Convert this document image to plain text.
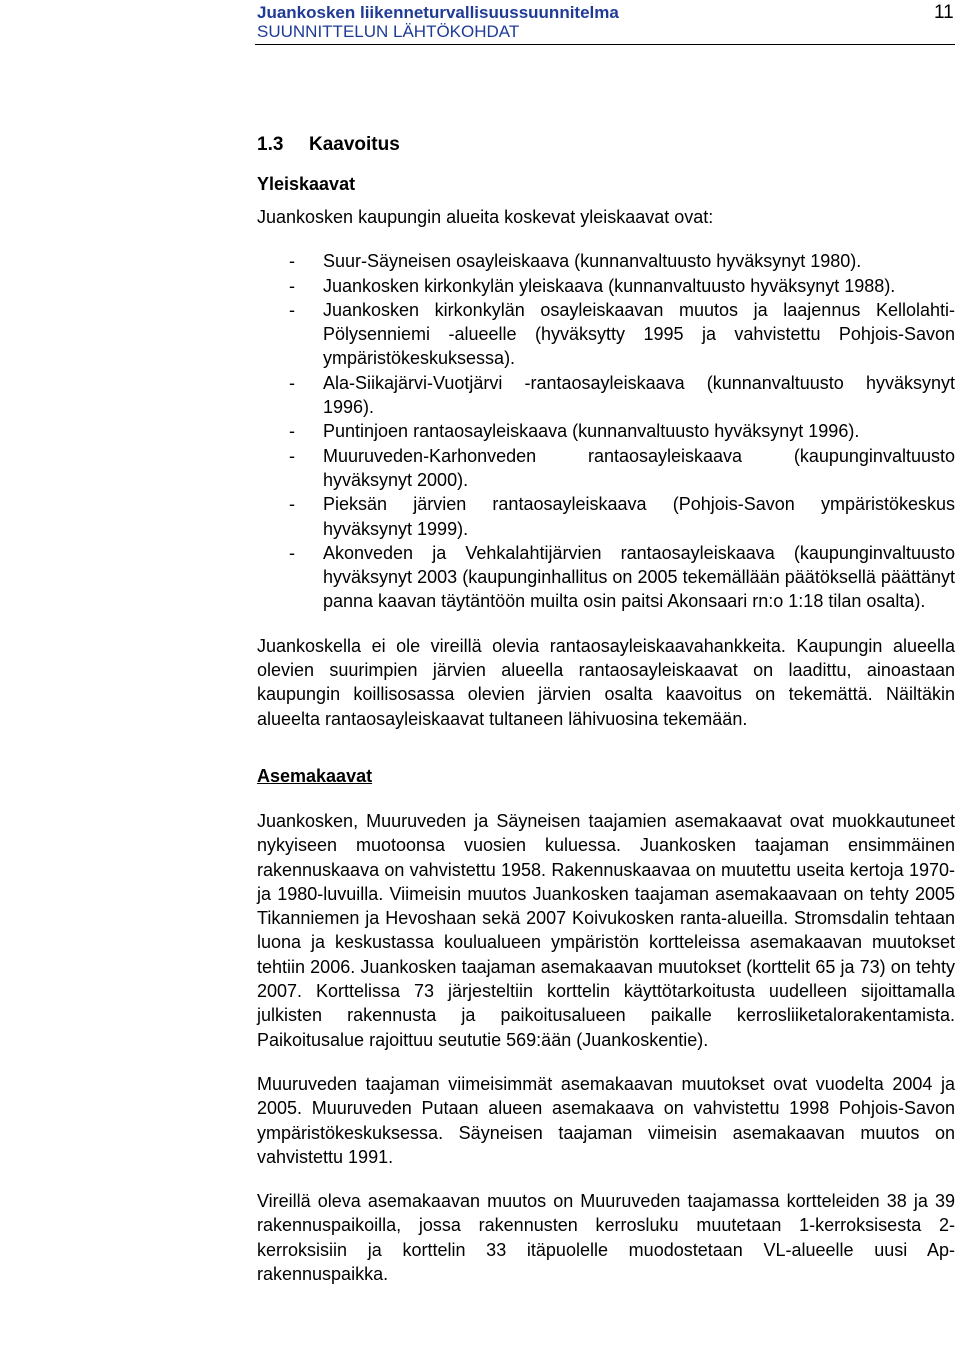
Juankosken liikenneturvallisuussuunnitelma
SUUNNITTELUN LÄHTÖKOHDAT
11
1.3 Kaavoitus
Yleiskaavat

Juankosken kaupungin alueita koskevat yleiskaavat ovat:

- Suur-Säyneisen osayleiskaava (kunnanvaltuusto hyväksynyt 1980).
- Juankosken kirkonkylän yleiskaava (kunnanvaltuusto hyväksynyt 1988).
- Juankosken kirkonkylän osayleiskaavan muutos ja laajennus Kellolahti-Pölysenniemi -alueelle (hyväksytty 1995 ja vahvistettu Pohjois-Savon ympäristökeskuksessa).
- Ala-Siikajärvi-Vuotjärvi -rantaosayleiskaava (kunnanvaltuusto hyväksynyt 1996).
- Puntinjoen rantaosayleiskaava (kunnanvaltuusto hyväksynyt 1996).
- Muuruveden-Karhonveden rantaosayleiskaava (kaupunginvaltuusto hyväksynyt 2000).
- Pieksän järvien rantaosayleiskaava (Pohjois-Savon ympäristökeskus hyväksynyt 1999).
- Akonveden ja Vehkalahtijärvien rantaosayleiskaava (kaupunginvaltuusto hyväksynyt 2003 (kaupunginhallitus on 2005 tekemällään päätöksellä päättänyt panna kaavan täytäntöön muilta osin paitsi Akonsaari rn:o 1:18 tilan osalta).

Juankoskella ei ole vireillä olevia rantaosayleiskaavahankkeita. Kaupungin alueella olevien suurimpien järvien alueella rantaosayleiskaavat on laadittu, ainoastaan kaupungin koillisosassa olevien järvien osalta kaavoitus on tekemättä. Näiltäkin alueelta rantaosayleiskaavat tultaneen lähivuosina tekemään.

Asemakaavat

Juankosken, Muuruveden ja Säyneisen taajamien asemakaavat ovat muokkautuneet nykyiseen muotoonsa vuosien kuluessa. Juankosken taajaman ensimmäinen rakennuskaava on vahvistettu 1958. Rakennuskaavaa on muutettu useita kertoja 1970- ja 1980-luvuilla. Viimeisin muutos Juankosken taajaman asemakaavaan on tehty 2005 Tikanniemen ja Hevoshaan sekä 2007 Koivukosken ranta-alueilla. Stromsdalin tehtaan luona ja keskustassa koulualueen ympäristön kortteleissa asemakaavan muutokset tehtiin 2006. Juankosken taajaman asemakaavan muutokset (korttelit 65 ja 73) on tehty 2007. Korttelissa 73 järjesteltiin korttelin käyttötarkoitusta uudelleen sijoittamalla julkisten rakennusta ja paikoitusalueen paikalle kerrosliiketalorakentamista. Paikoitusalue rajoittuu seututie 569:ään (Juankoskentie).

Muuruveden taajaman viimeisimmät asemakaavan muutokset ovat vuodelta 2004 ja 2005. Muuruveden Putaan alueen asemakaava on vahvistettu 1998 Pohjois-Savon ympäristökeskuksessa. Säyneisen taajaman viimeisin asemakaavan muutos on vahvistettu 1991.

Vireillä oleva asemakaavan muutos on Muuruveden taajamassa kortteleiden 38 ja 39 rakennuspaikoilla, jossa rakennusten kerrosluku muutetaan 1-kerroksisesta 2-kerroksisiin ja korttelin 33 itäpuolelle muodostetaan VL-alueelle uusi Ap-rakennuspaikka.
